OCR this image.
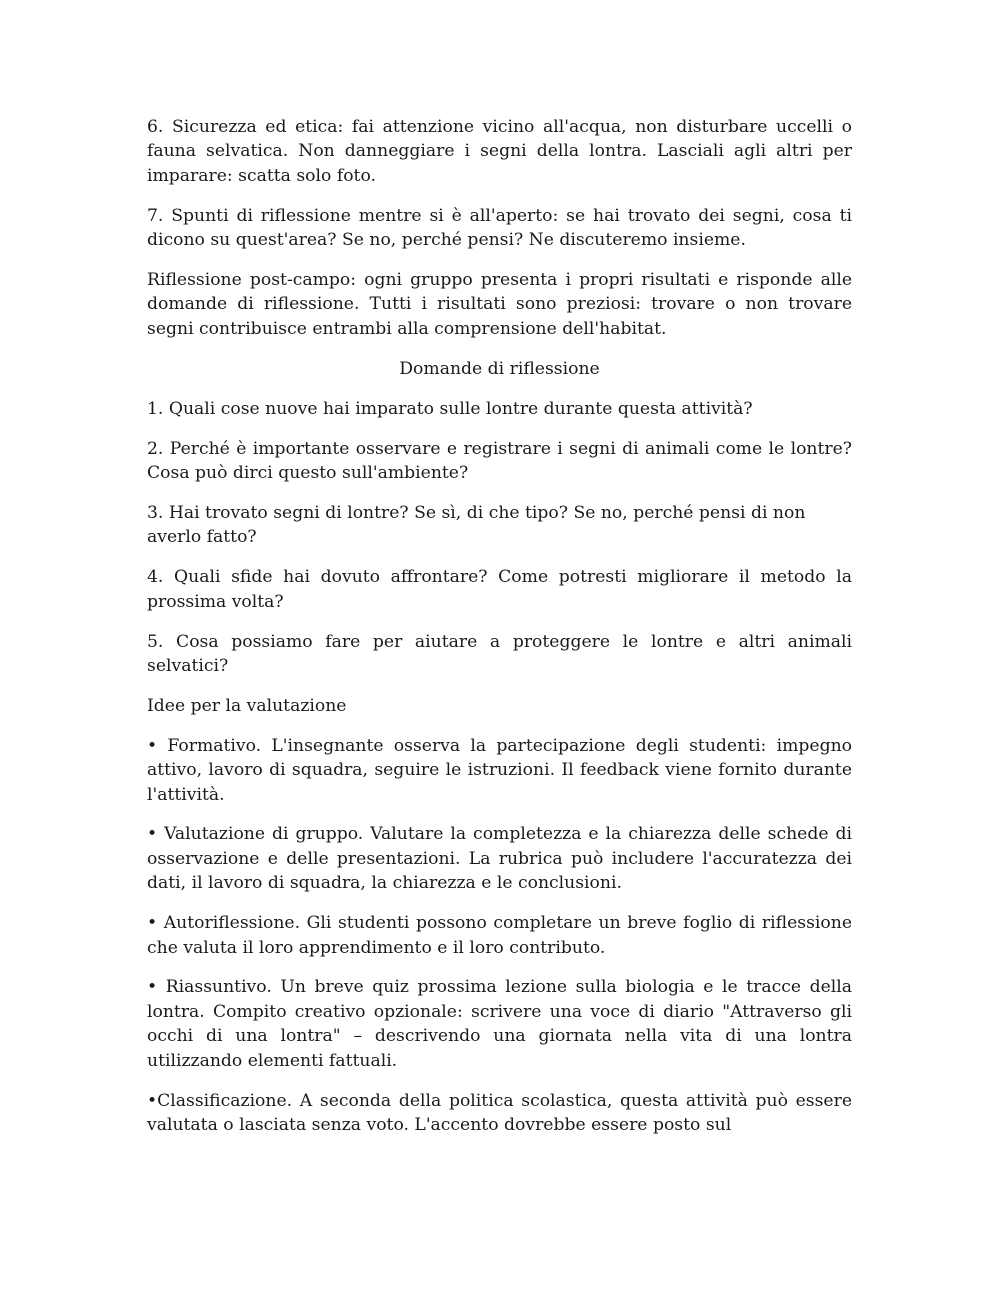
6. Sicurezza ed etica: fai attenzione vicino all'acqua, non disturbare uccelli o fauna selvatica. Non danneggiare i segni della lontra. Lasciali agli altri per imparare: scatta solo foto.

7. Spunti di riflessione mentre si è all'aperto: se hai trovato dei segni, cosa ti dicono su quest'area? Se no, perché pensi? Ne discuteremo insieme.

Riflessione post-campo: ogni gruppo presenta i propri risultati e risponde alle domande di riflessione. Tutti i risultati sono preziosi: trovare o non trovare segni contribuisce entrambi alla comprensione dell'habitat.

Domande di riflessione

1. Quali cose nuove hai imparato sulle lontre durante questa attività?

2. Perché è importante osservare e registrare i segni di animali come le lontre? Cosa può dirci questo sull'ambiente?

3. Hai trovato segni di lontre? Se sì, di che tipo? Se no, perché pensi di non averlo fatto?

4. Quali sfide hai dovuto affrontare? Come potresti migliorare il metodo la prossima volta?

5. Cosa possiamo fare per aiutare a proteggere le lontre e altri animali selvatici?

Idee per la valutazione

• Formativo. L'insegnante osserva la partecipazione degli studenti: impegno attivo, lavoro di squadra, seguire le istruzioni. Il feedback viene fornito durante l'attività.

• Valutazione di gruppo. Valutare la completezza e la chiarezza delle schede di osservazione e delle presentazioni. La rubrica può includere l'accuratezza dei dati, il lavoro di squadra, la chiarezza e le conclusioni.

• Autoriflessione. Gli studenti possono completare un breve foglio di riflessione che valuta il loro apprendimento e il loro contributo.

• Riassuntivo. Un breve quiz prossima lezione sulla biologia e le tracce della lontra. Compito creativo opzionale: scrivere una voce di diario "Attraverso gli occhi di una lontra" – descrivendo una giornata nella vita di una lontra utilizzando elementi fattuali.

•Classificazione. A seconda della politica scolastica, questa attività può essere valutata o lasciata senza voto. L'accento dovrebbe essere posto sul
